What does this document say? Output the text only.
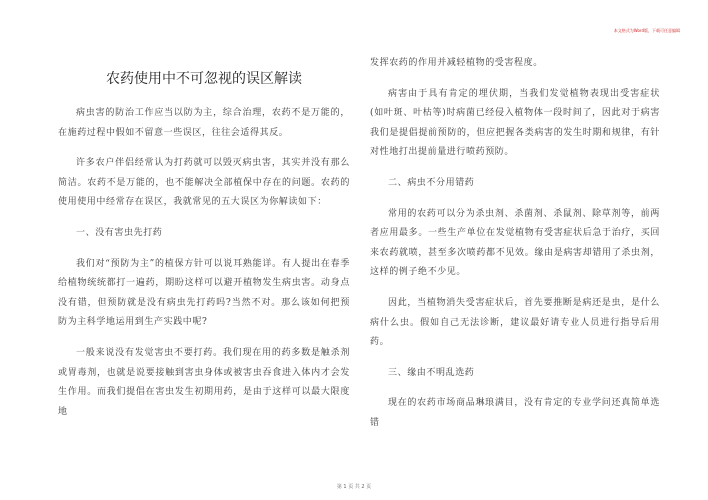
本文格式为Word版，下载可任意编辑
农药使用中不可忽视的误区解读

病虫害的防治工作应当以防为主，综合治理，农药不是万能的，在施药过程中假如不留意一些误区，往往会适得其反。

许多农户伴侣经常认为打药就可以毁灭病虫害，其实并没有那么简洁。农药不是万能的，也不能解决全部植保中存在的问题。农药的使用使用中经常存在误区，我就常见的五大误区为你解读如下：

一、没有害虫先打药

我们对“预防为主”的植保方针可以说耳熟能详。有人提出在春季给植物统统都打一遍药，期盼这样可以避开植物发生病虫害。动身点没有错，但预防就是没有病虫先打药吗?当然不对。那么该如何把预防为主科学地运用到生产实践中呢?

一般来说没有发觉害虫不要打药。我们现在用的药多数是触杀剂或胃毒剂，也就是说要接触到害虫身体或被害虫吞食进入体内才会发生作用。而我们提倡在害虫发生初期用药，是由于这样可以最大限度地

发挥农药的作用并减轻植物的受害程度。

病害由于具有肯定的埋伏期，当我们发觉植物表现出受害症状(如叶斑、叶枯等)时病菌已经侵入植物体一段时间了，因此对于病害我们是提倡提前预防的，但应把握各类病害的发生时期和规律，有针对性地打出提前量进行喷药预防。

二、病虫不分用错药

常用的农药可以分为杀虫剂、杀菌剂、杀鼠剂、除草剂等，前两者应用最多。一些生产单位在发觉植物有受害症状后急于治疗，买回来农药就喷，甚至多次喷药都不见效。缘由是病害却错用了杀虫剂，这样的例子绝不少见。

因此，当植物消失受害症状后，首先要推断是病还是虫，是什么病什么虫。假如自己无法诊断，建议最好请专业人员进行指导后用药。

三、缘由不明乱选药

现在的农药市场商品琳琅满目，没有肯定的专业学问还真简单选错

第 1 页 共 2 页
